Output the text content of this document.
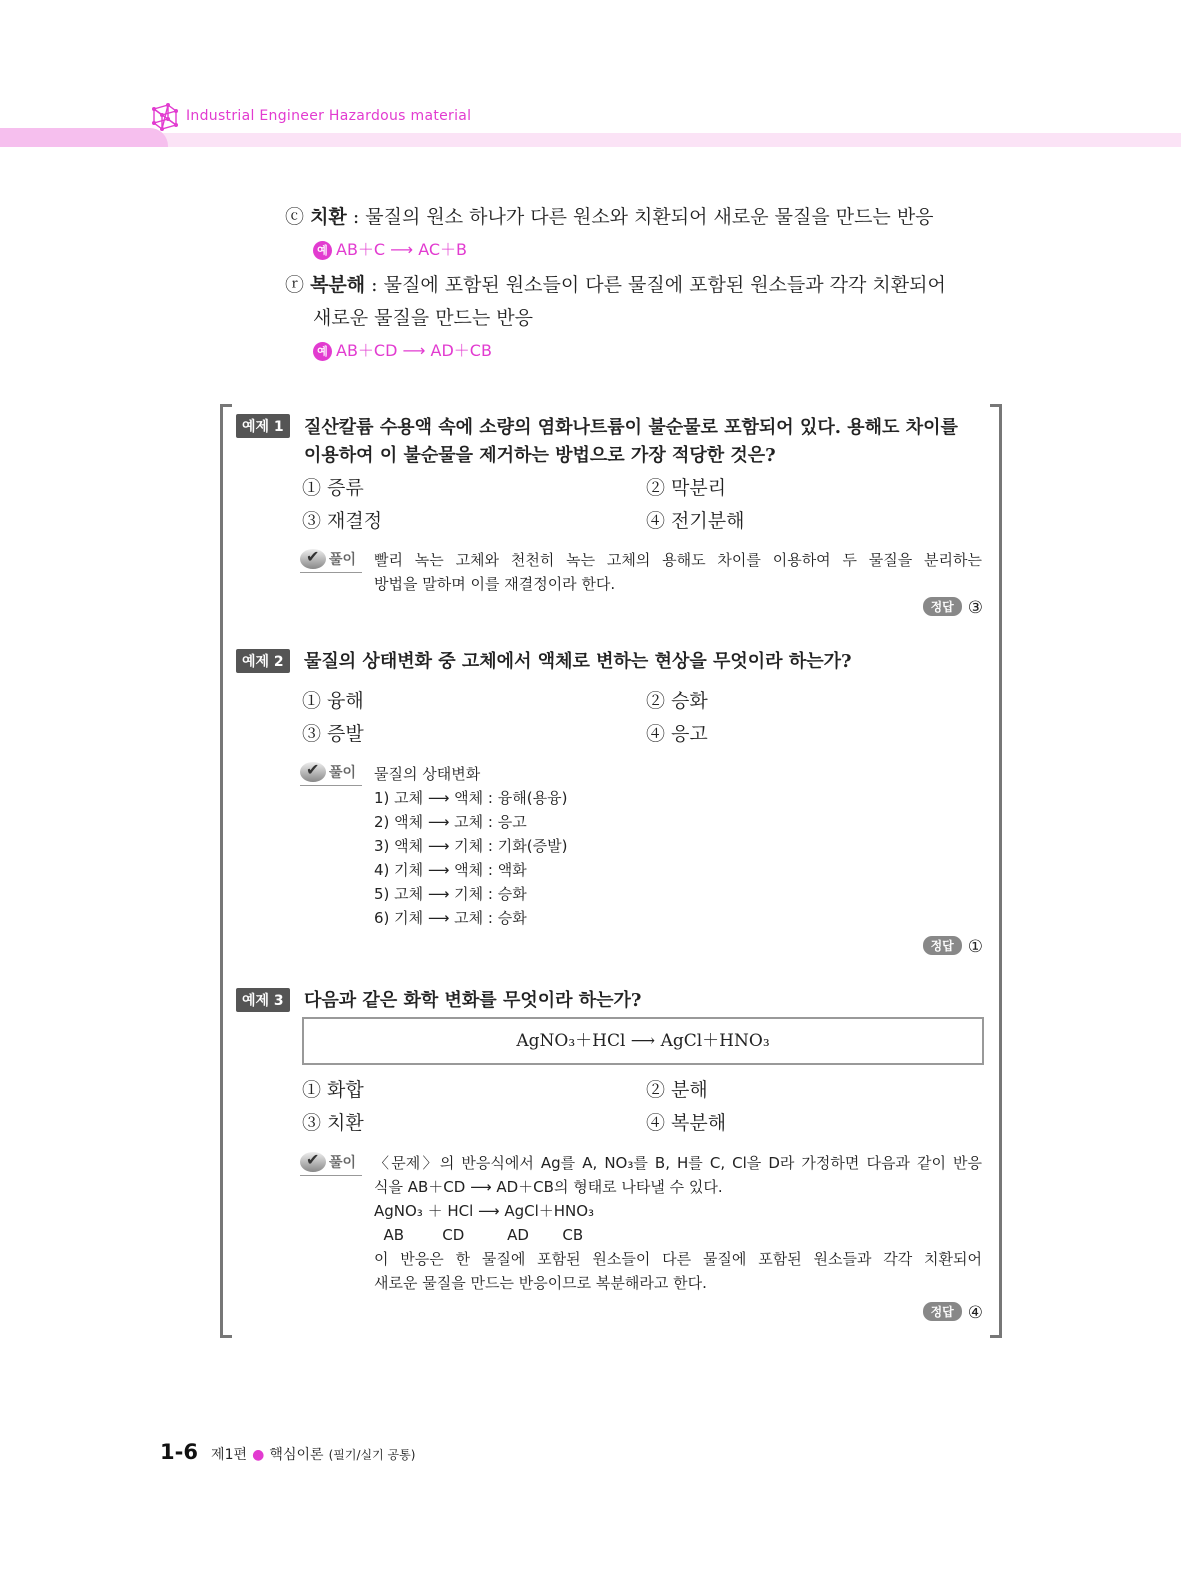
Industrial Engineer Hazardous material
ⓒ 치환 : 물질의 원소 하나가 다른 원소와 치환되어 새로운 물질을 만드는 반응
예 AB＋C ⟶ AC＋B
ⓡ 복분해 : 물질에 포함된 원소들이 다른 물질에 포함된 원소들과 각각 치환되어
새로운 물질을 만드는 반응
예 AB＋CD ⟶ AD＋CB
예제 1	질산칼륨 수용액 속에 소량의 염화나트륨이 불순물로 포함되어 있다. 용해도 차이를
이용하여 이 불순물을 제거하는 방법으로 가장 적당한 것은?
① 증류	② 막분리
③ 재결정	④ 전기분해
✔ 풀이 빨리 녹는 고체와 천천히 녹는 고체의 용해도 차이를 이용하여 두 물질을 분리하는
방법을 말하며 이를 재결정이라 한다.
정답 ③
예제 2	물질의 상태변화 중 고체에서 액체로 변하는 현상을 무엇이라 하는가?
① 융해	② 승화
③ 증발	④ 응고
✔ 풀이 물질의 상태변화
1) 고체 ⟶ 액체 : 융해(용융)
2) 액체 ⟶ 고체 : 응고
3) 액체 ⟶ 기체 : 기화(증발)
4) 기체 ⟶ 액체 : 액화
5) 고체 ⟶ 기체 : 승화
6) 기체 ⟶ 고체 : 승화
정답 ①
예제 3	다음과 같은 화학 변화를 무엇이라 하는가?
AgNO₃＋HCl ⟶ AgCl＋HNO₃
① 화합	② 분해
③ 치환	④ 복분해
✔ 풀이 〈문제〉의 반응식에서 Ag를 A, NO₃를 B, H를 C, Cl을 D라 가정하면 다음과 같이 반응
식을 AB＋CD ⟶ AD＋CB의 형태로 나타낼 수 있다.
AgNO₃ ＋ HCl ⟶ AgCl＋HNO₃
AB        CD         AD       CB
이 반응은 한 물질에 포함된 원소들이 다른 물질에 포함된 원소들과 각각 치환되어
새로운 물질을 만드는 반응이므로 복분해라고 한다.
정답 ④
1-6 제1편 ● 핵심이론 (필기/실기 공통)
